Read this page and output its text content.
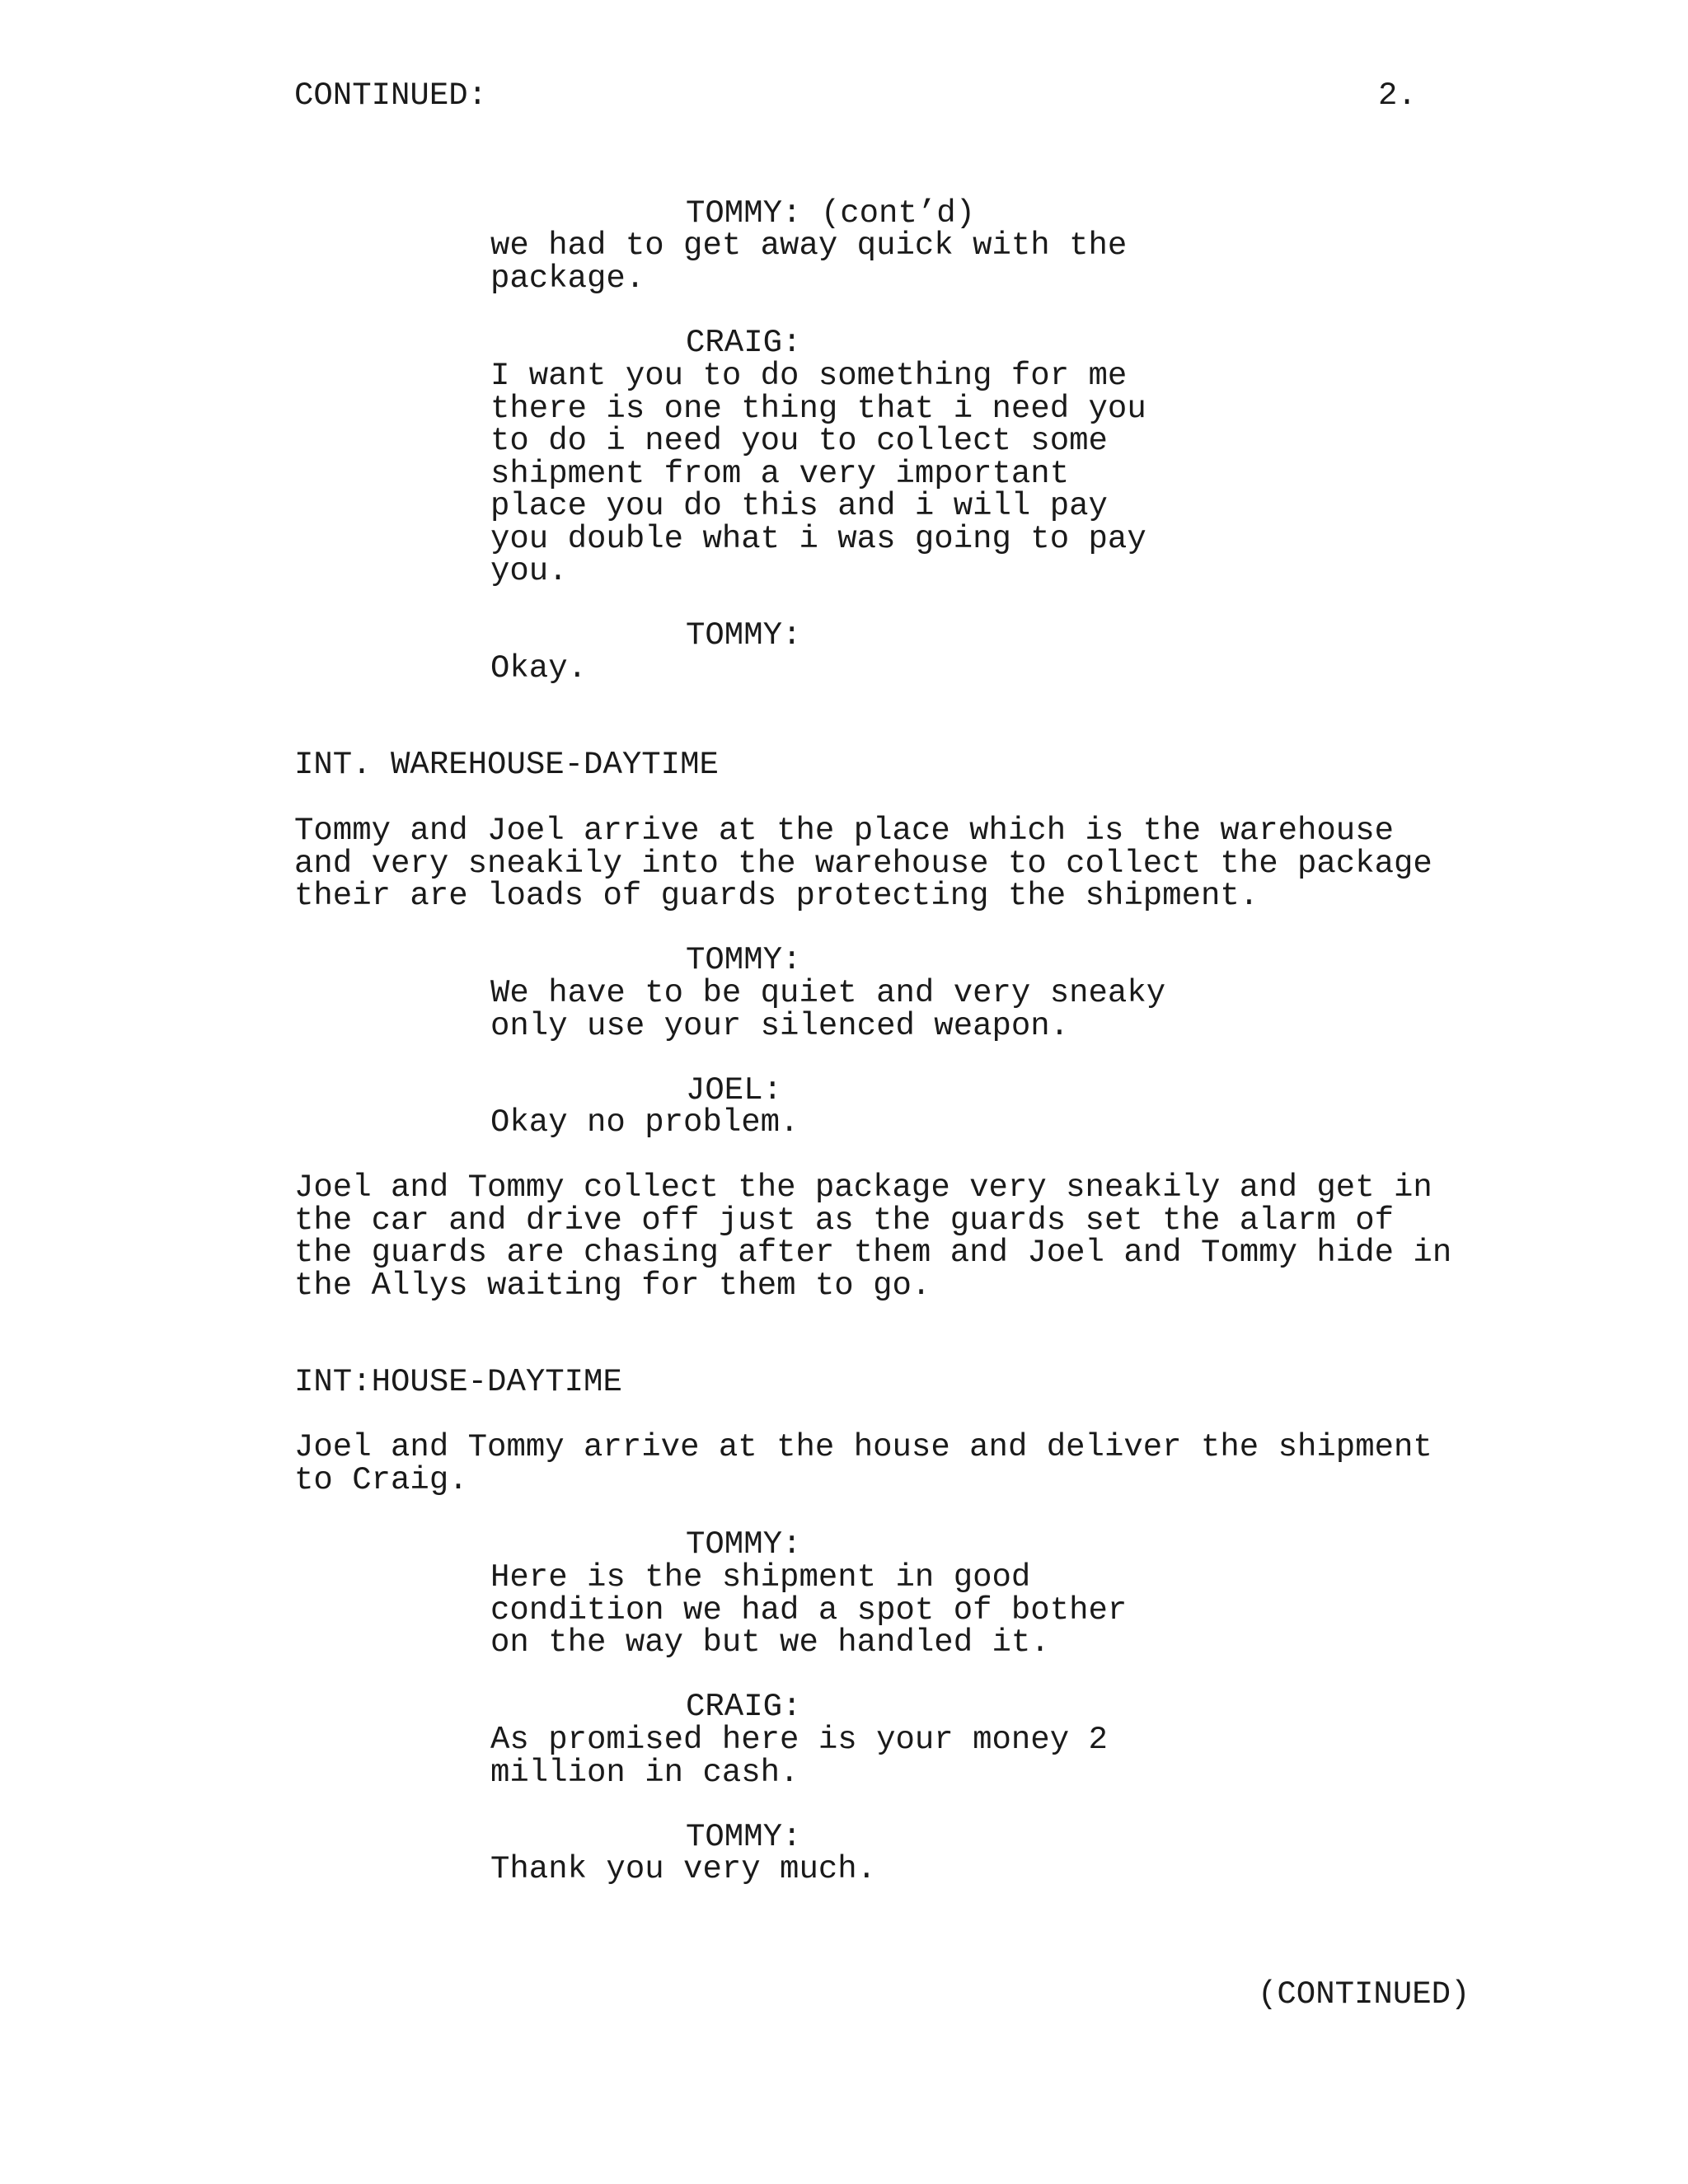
CONTINUED:	2.
TOMMY: (cont’d)
we had to get away quick with the
package.
CRAIG:
I want you to do something for me
there is one thing that i need you
to do i need you to collect some
shipment from a very important
place you do this and i will pay
you double what i was going to pay
you.
TOMMY:
Okay.
INT. WAREHOUSE-DAYTIME
Tommy and Joel arrive at the place which is the warehouse
and very sneakily into the warehouse to collect the package
their are loads of guards protecting the shipment.
TOMMY:
We have to be quiet and very sneaky
only use your silenced weapon.
JOEL:
Okay no problem.
Joel and Tommy collect the package very sneakily and get in
the car and drive off just as the guards set the alarm of
the guards are chasing after them and Joel and Tommy hide in
the Allys waiting for them to go.
INT:HOUSE-DAYTIME
Joel and Tommy arrive at the house and deliver the shipment
to Craig.
TOMMY:
Here is the shipment in good
condition we had a spot of bother
on the way but we handled it.
CRAIG:
As promised here is your money 2
million in cash.
TOMMY:
Thank you very much.
(CONTINUED)
